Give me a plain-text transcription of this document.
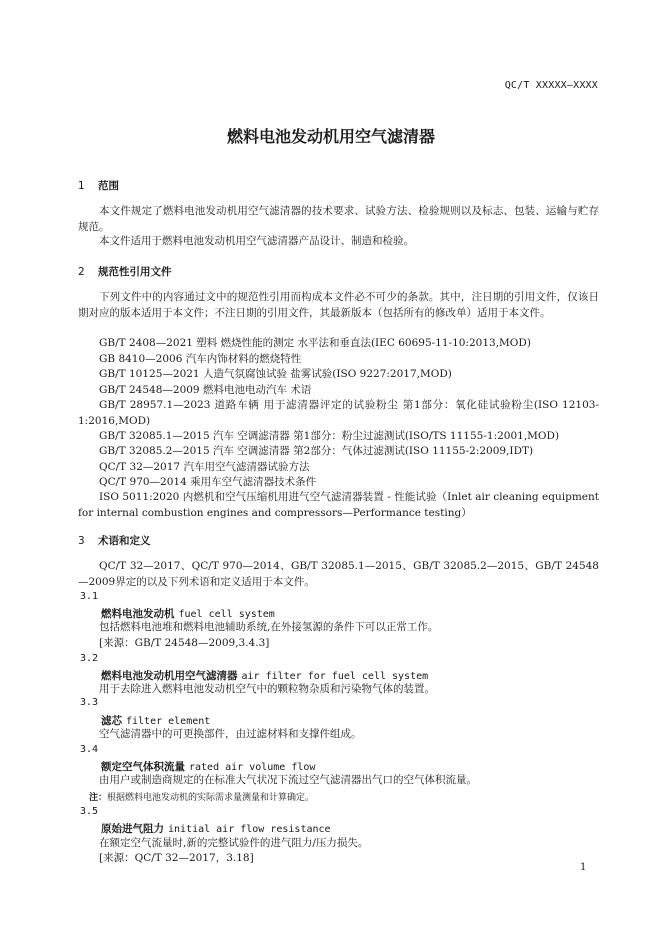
QC/T XXXXX—XXXX
燃料电池发动机用空气滤清器
1 范围
本文件规定了燃料电池发动机用空气滤清器的技术要求、试验方法、检验规则以及标志、包装、运输与贮存规范。
本文件适用于燃料电池发动机用空气滤清器产品设计、制造和检验。
2 规范性引用文件
下列文件中的内容通过文中的规范性引用而构成本文件必不可少的条款。其中，注日期的引用文件，仅该日期对应的版本适用于本文件；不注日期的引用文件，其最新版本（包括所有的修改单）适用于本文件。
GB/T 2408—2021 塑料 燃烧性能的测定 水平法和垂直法(IEC 60695-11-10:2013,MOD)
GB 8410—2006 汽车内饰材料的燃烧特性
GB/T 10125—2021 人造气氛腐蚀试验 盐雾试验(ISO 9227:2017,MOD)
GB/T 24548—2009 燃料电池电动汽车 术语
GB/T 28957.1—2023 道路车辆 用于滤清器评定的试验粉尘 第1部分：氧化硅试验粉尘(ISO 12103-1:2016,MOD)
GB/T 32085.1—2015 汽车 空调滤清器 第1部分：粉尘过滤测试(ISO/TS 11155-1:2001,MOD)
GB/T 32085.2—2015 汽车 空调滤清器 第2部分：气体过滤测试(ISO 11155-2:2009,IDT)
QC/T 32—2017 汽车用空气滤清器试验方法
QC/T 970—2014 乘用车空气滤清器技术条件
ISO 5011:2020 内燃机和空气压缩机用进气空气滤清器装置 - 性能试验（Inlet air cleaning equipment for internal combustion engines and compressors—Performance testing）
3 术语和定义
QC/T 32—2017、QC/T 970—2014、GB/T 32085.1—2015、GB/T 32085.2—2015、GB/T 24548—2009界定的以及下列术语和定义适用于本文件。
3.1
燃料电池发动机 fuel cell system
包括燃料电池堆和燃料电池辅助系统,在外接氢源的条件下可以正常工作。
[来源：GB/T 24548—2009,3.4.3]
3.2
燃料电池发动机用空气滤清器 air filter for fuel cell system
用于去除进入燃料电池发动机空气中的颗粒物杂质和污染物气体的装置。
3.3
滤芯 filter element
空气滤清器中的可更换部件，由过滤材料和支撑件组成。
3.4
额定空气体积流量 rated air volume flow
由用户或制造商规定的在标准大气状况下流过空气滤清器出气口的空气体积流量。
注：根据燃料电池发动机的实际需求量测量和计算确定。
3.5
原始进气阻力 initial air flow resistance
在额定空气流量时,新的完整试验件的进气阻力/压力损失。
[来源：QC/T 32—2017，3.18]
1
